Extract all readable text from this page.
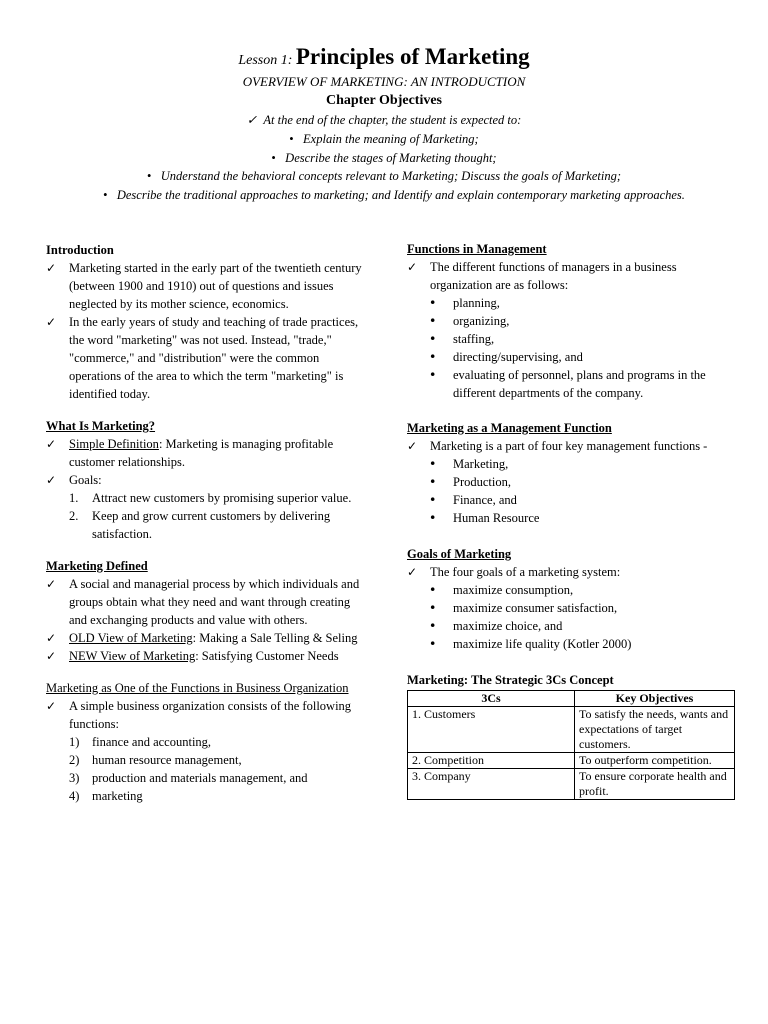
Lesson 1: Principles of Marketing
OVERVIEW OF MARKETING: AN INTRODUCTION
Chapter Objectives
✓ At the end of the chapter, the student is expected to:
• Explain the meaning of Marketing;
• Describe the stages of Marketing thought;
• Understand the behavioral concepts relevant to Marketing; Discuss the goals of Marketing;
• Describe the traditional approaches to marketing; and Identify and explain contemporary marketing approaches.
Introduction
✓ Marketing started in the early part of the twentieth century (between 1900 and 1910) out of questions and issues neglected by its mother science, economics.
✓ In the early years of study and teaching of trade practices, the word "marketing" was not used. Instead, "trade," "commerce," and "distribution" were the common operations of the area to which the term "marketing" is identified today.
What Is Marketing?
✓ Simple Definition: Marketing is managing profitable customer relationships.
✓ Goals:
1. Attract new customers by promising superior value.
2. Keep and grow current customers by delivering satisfaction.
Marketing Defined
✓ A social and managerial process by which individuals and groups obtain what they need and want through creating and exchanging products and value with others.
✓ OLD View of Marketing: Making a Sale Telling & Seling
✓ NEW View of Marketing: Satisfying Customer Needs
Marketing as One of the Functions in Business Organization
✓ A simple business organization consists of the following functions:
1) finance and accounting,
2) human resource management,
3) production and materials management, and
4) marketing
Functions in Management
✓ The different functions of managers in a business organization are as follows:
• planning,
• organizing,
• staffing,
• directing/supervising, and
• evaluating of personnel, plans and programs in the different departments of the company.
Marketing as a Management Function
✓ Marketing is a part of four key management functions -
• Marketing,
• Production,
• Finance, and
• Human Resource
Goals of Marketing
✓ The four goals of a marketing system:
• maximize consumption,
• maximize consumer satisfaction,
• maximize choice, and
• maximize life quality (Kotler 2000)
Marketing: The Strategic 3Cs Concept
3Cs	Key Objectives
1. Customers	To satisfy the needs, wants and expectations of target customers.
2. Competition	To outperform competition.
3. Company	To ensure corporate health and profit.
